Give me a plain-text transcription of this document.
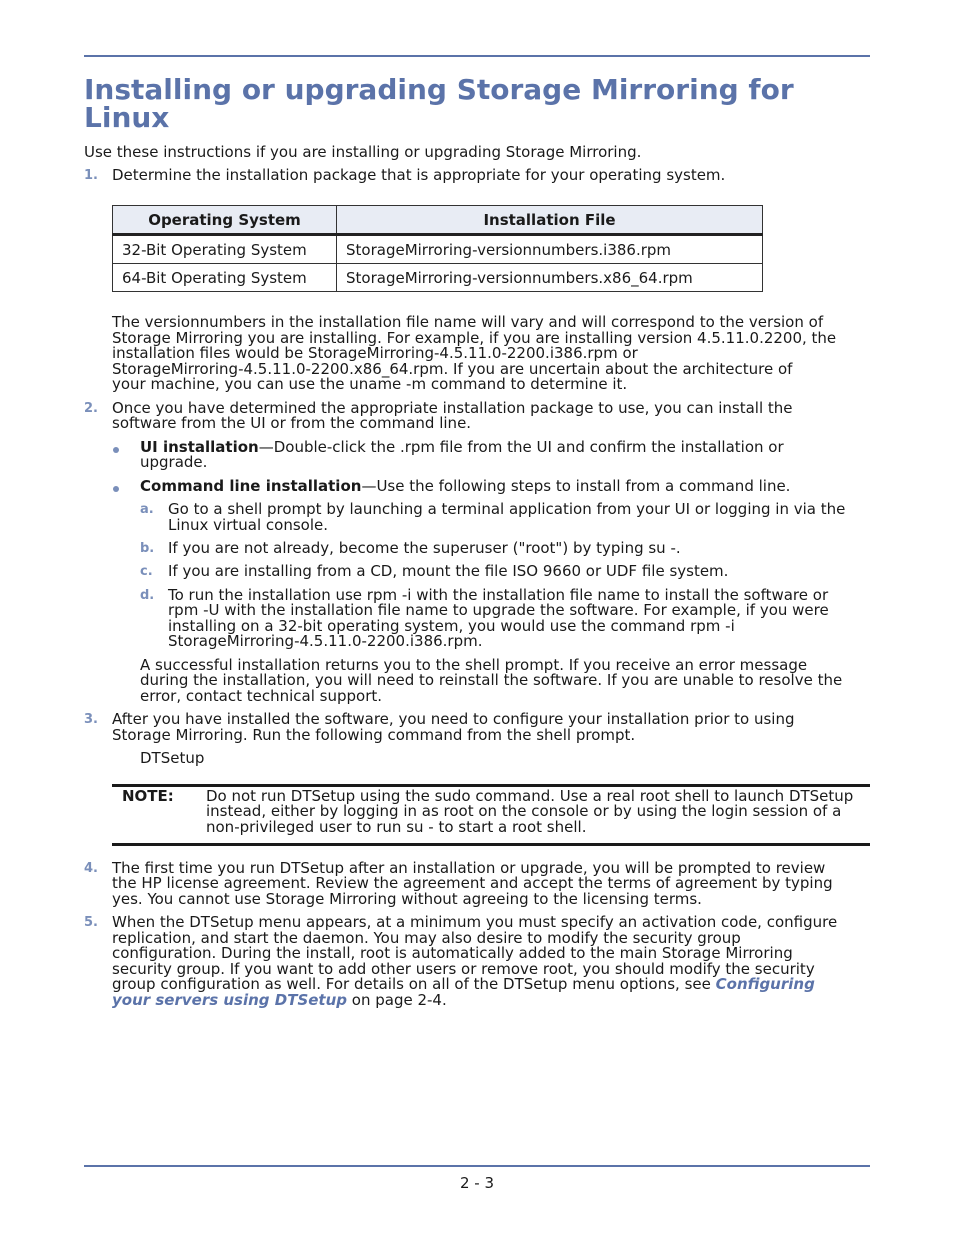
Installing or upgrading Storage Mirroring for Linux

Use these instructions if you are installing or upgrading Storage Mirroring.

1. Determine the installation package that is appropriate for your operating system.

Operating System	Installation File
32-Bit Operating System	StorageMirroring-versionnumbers.i386.rpm
64-Bit Operating System	StorageMirroring-versionnumbers.x86_64.rpm

The versionnumbers in the installation file name will vary and will correspond to the version of

Storage Mirroring you are installing. For example, if you are installing version 4.5.11.0.2200, the

installation files would be StorageMirroring-4.5.11.0-2200.i386.rpm or

StorageMirroring-4.5.11.0-2200.x86_64.rpm. If you are uncertain about the architecture of

your machine, you can use the uname -m command to determine it.

2. Once you have determined the appropriate installation package to use, you can install the

software from the UI or from the command line.

UI installation—Double-click the .rpm file from the UI and confirm the installation or

upgrade.

Command line installation—Use the following steps to install from a command line.

a. Go to a shell prompt by launching a terminal application from your UI or logging in via the

Linux virtual console.

b. If you are not already, become the superuser ("root") by typing su -.

c. If you are installing from a CD, mount the file ISO 9660 or UDF file system.

d. To run the installation use rpm -i with the installation file name to install the software or

rpm -U with the installation file name to upgrade the software. For example, if you were

installing on a 32-bit operating system, you would use the command rpm -i

StorageMirroring-4.5.11.0-2200.i386.rpm.

A successful installation returns you to the shell prompt. If you receive an error message

during the installation, you will need to reinstall the software. If you are unable to resolve the

error, contact technical support.

3. After you have installed the software, you need to configure your installation prior to using

Storage Mirroring. Run the following command from the shell prompt.

DTSetup

NOTE: Do not run DTSetup using the sudo command. Use a real root shell to launch DTSetup

instead, either by logging in as root on the console or by using the login session of a

non-privileged user to run su - to start a root shell.

4. The first time you run DTSetup after an installation or upgrade, you will be prompted to review

the HP license agreement. Review the agreement and accept the terms of agreement by typing

yes. You cannot use Storage Mirroring without agreeing to the licensing terms.

5. When the DTSetup menu appears, at a minimum you must specify an activation code, configure

replication, and start the daemon. You may also desire to modify the security group

configuration. During the install, root is automatically added to the main Storage Mirroring

security group. If you want to add other users or remove root, you should modify the security

group configuration as well. For details on all of the DTSetup menu options, see Configuring

your servers using DTSetup on page 2-4.

2 - 3
